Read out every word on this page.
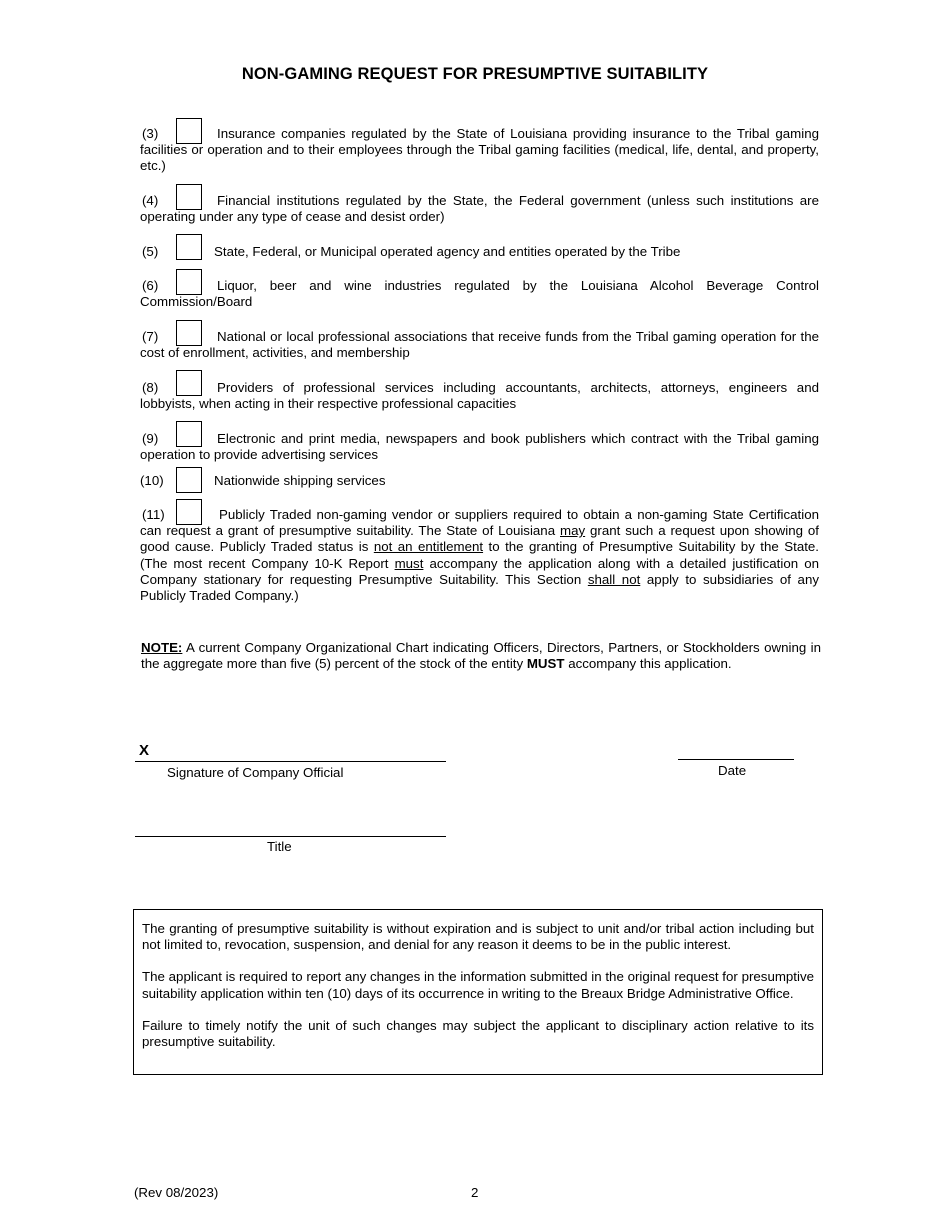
NON-GAMING REQUEST FOR PRESUMPTIVE SUITABILITY
(3)	Insurance companies regulated by the State of Louisiana providing insurance to the Tribal gaming facilities or operation and to their employees through the Tribal gaming facilities (medical, life, dental, and property, etc.)
(4)	Financial institutions regulated by the State, the Federal government (unless such institutions are operating under any type of cease and desist order)
(5)	State, Federal, or Municipal operated agency and entities operated by the Tribe
(6)	Liquor, beer and wine industries regulated by the Louisiana Alcohol Beverage Control Commission/Board
(7)	National or local professional associations that receive funds from the Tribal gaming operation for the cost of enrollment, activities, and membership
(8)	Providers of professional services including accountants, architects, attorneys, engineers and lobbyists, when acting in their respective professional capacities
(9)	Electronic and print media, newspapers and book publishers which contract with the Tribal gaming operation to provide advertising services
(10)	Nationwide shipping services
(11)	Publicly Traded non-gaming vendor or suppliers required to obtain a non-gaming State Certification can request a grant of presumptive suitability. The State of Louisiana may grant such a request upon showing of good cause. Publicly Traded status is not an entitlement to the granting of Presumptive Suitability by the State. (The most recent Company 10-K Report must accompany the application along with a detailed justification on Company stationary for requesting Presumptive Suitability. This Section shall not apply to subsidiaries of any Publicly Traded Company.)
NOTE: A current Company Organizational Chart indicating Officers, Directors, Partners, or Stockholders owning in the aggregate more than five (5) percent of the stock of the entity MUST accompany this application.
X
Signature of Company Official	Date
Title

The granting of presumptive suitability is without expiration and is subject to unit and/or tribal action including but not limited to, revocation, suspension, and denial for any reason it deems to be in the public interest.

The applicant is required to report any changes in the information submitted in the original request for presumptive suitability application within ten (10) days of its occurrence in writing to the Breaux Bridge Administrative Office.

Failure to timely notify the unit of such changes may subject the applicant to disciplinary action relative to its presumptive suitability.

(Rev 08/2023)	2
